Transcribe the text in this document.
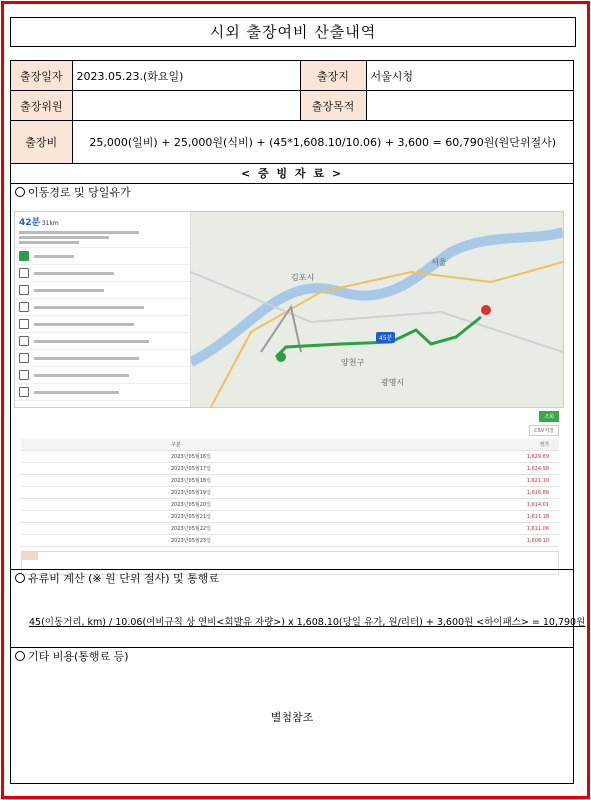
시외 출장여비 산출내역
출장일자	2023.05.23.(화요일)	출장지	서울시청
출장위원		출장목적	
출장비	25,000(일비) + 25,000원(식비) + (45*1,608.10/10.06) + 3,600 = 60,790원(원단위절사)		
< 증 빙 자 료 >
이동경로 및 당일유가
42분 31km
김포시
서울
양천구
광명시
45분
조회
CSV저장
구분	경기
2023년05월16일	1,629.89
2023년05월17일	1,624.98
2023년05월18일	1,621.10
2023년05월19일	1,616.86
2023년05월20일	1,614.01
2023년05월21일	1,611.18
2023년05월22일	1,611.06
2023년05월23일	1,608.10

유류비 계산 (※ 원 단위 절사) 및 통행료
45(이동거리, km) / 10.06(여비규칙 상 연비<회발유 자량>) x 1,608.10(당일 유가, 원/리터) + 3,600원 <하이패스> = 10,790원
기타 비용(통행료 등)
별첨참조
